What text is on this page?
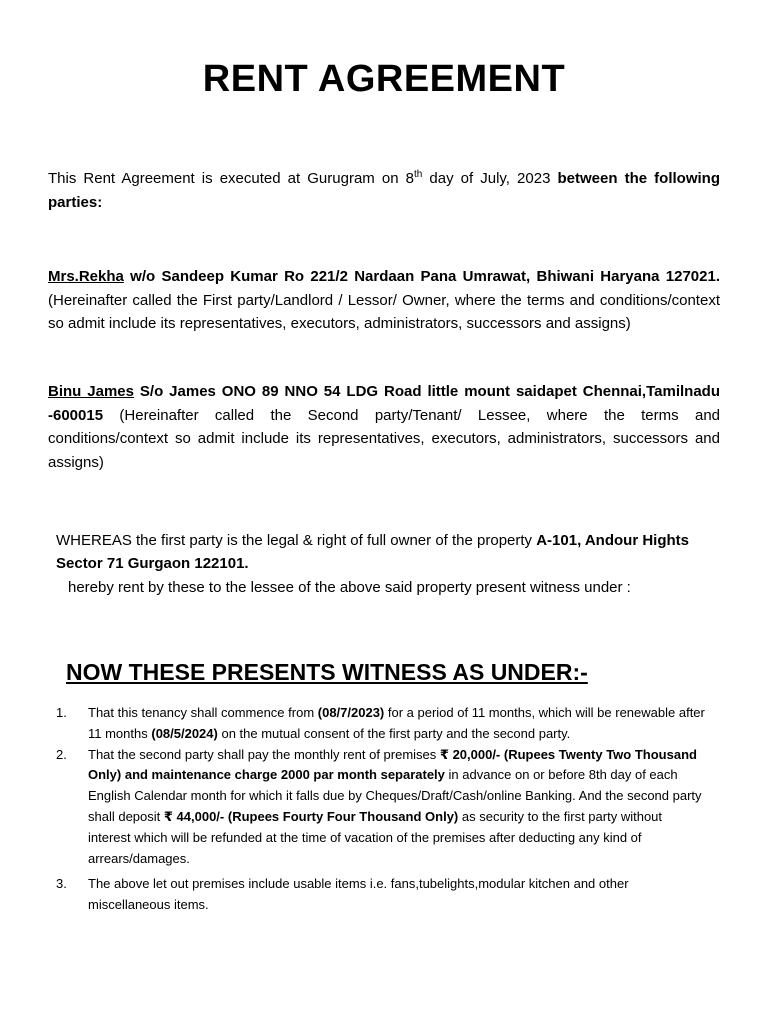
RENT AGREEMENT
This Rent Agreement is executed at Gurugram on 8th day of July, 2023 between the following parties:
Mrs.Rekha w/o Sandeep Kumar Ro 221/2 Nardaan Pana Umrawat, Bhiwani Haryana 127021.(Hereinafter called the First party/Landlord / Lessor/ Owner, where the terms and conditions/context so admit include its representatives, executors, administrators, successors and assigns)
Binu James S/o James ONO 89 NNO 54 LDG Road little mount saidapet Chennai,Tamilnadu -600015 (Hereinafter called the Second party/Tenant/ Lessee, where the terms and conditions/context so admit include its representatives, executors, administrators, successors and assigns)
WHEREAS the first party is the legal & right of full owner of the property A-101, Andour Hights Sector 71 Gurgaon 122101.
hereby rent by these to the lessee of the above said property present witness under :
NOW THESE PRESENTS WITNESS AS UNDER:-
1.	That this tenancy shall commence from (08/7/2023) for a period of 11 months, which will be renewable after 11 months (08/5/2024) on the mutual consent of the first party and the second party.
2.	That the second party shall pay the monthly rent of premises ₹ 20,000/- (Rupees Twenty Two Thousand Only) and maintenance charge 2000 par month separately in advance on or before 8th day of each English Calendar month for which it falls due by Cheques/Draft/Cash/online Banking. And the second party shall deposit ₹ 44,000/- (Rupees Fourty Four Thousand Only) as security to the first party without interest which will be refunded at the time of vacation of the premises after deducting any kind of arrears/damages.
3.	The above let out premises include usable items i.e. fans,tubelights,modular kitchen and other miscellaneous items.
